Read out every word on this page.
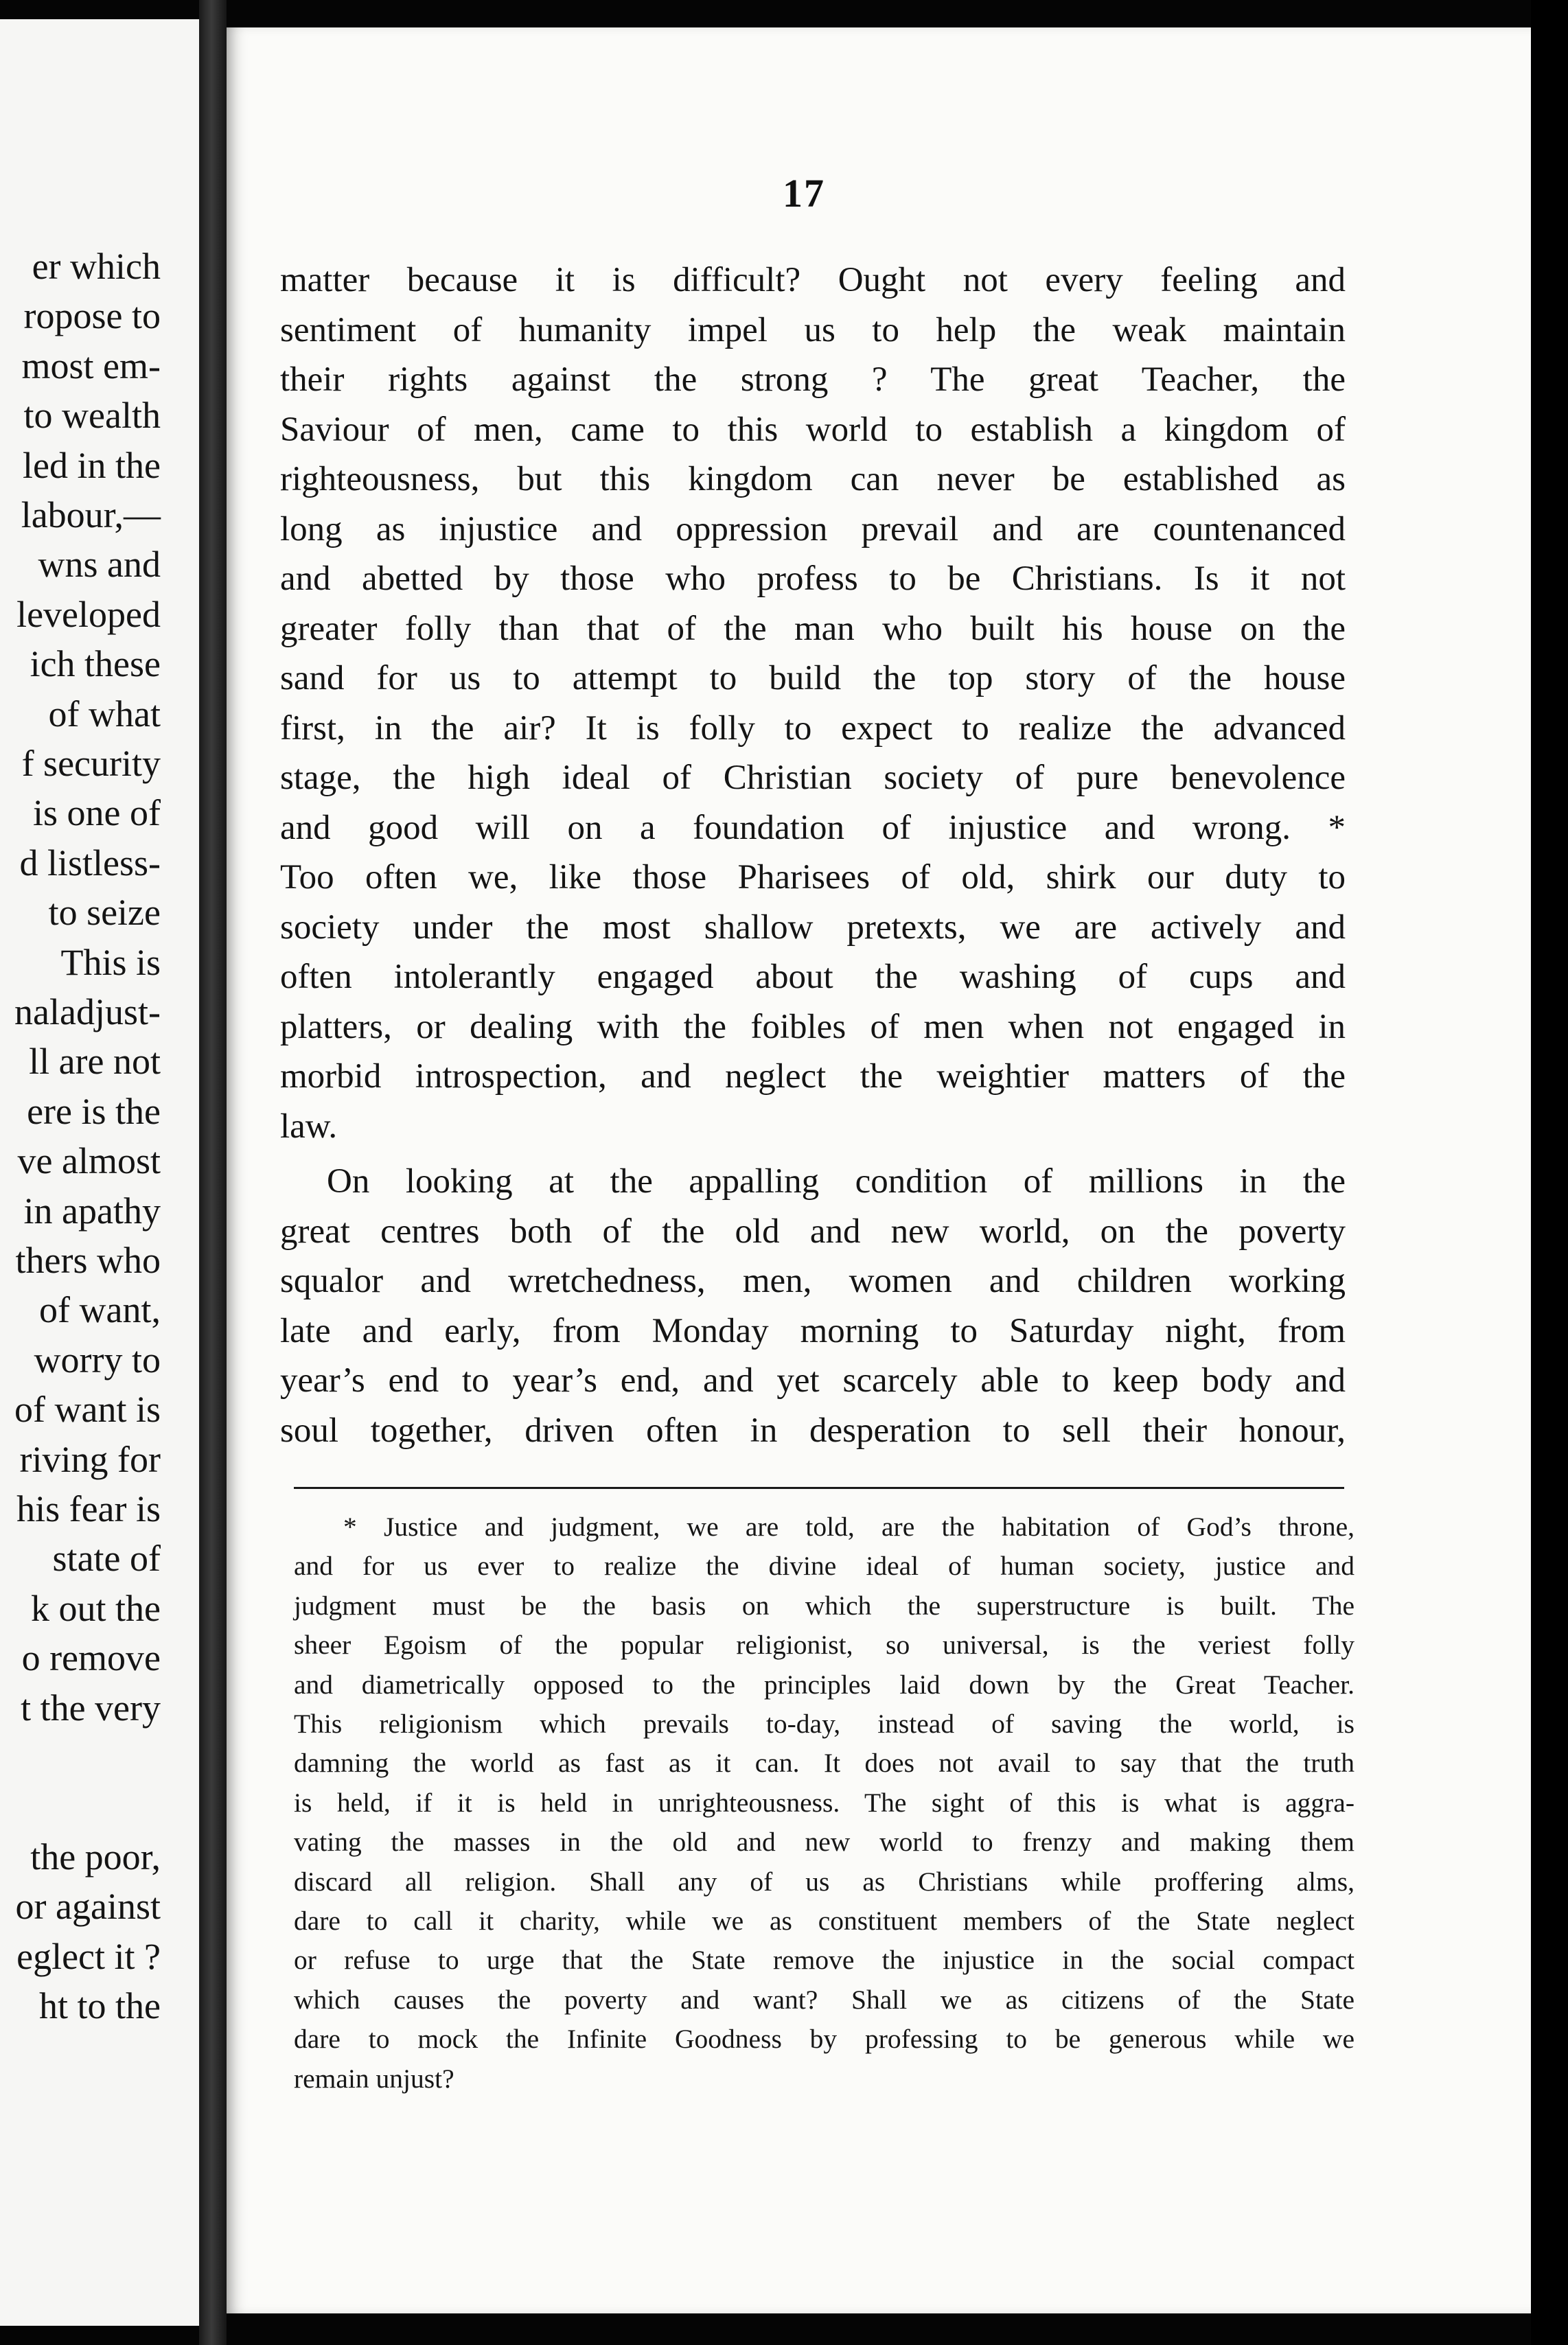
er which
ropose to
most em-
to wealth
led in the
labour,—
wns and
leveloped
ich these
of what
f security
is one of
d listless-
to seize
This is
naladjust-
ll are not
ere is the
ve almost
in apathy
thers who
of want,
worry to
of want is
riving for
his fear is
state of
k out the
o remove
t the very
the poor,
or against
eglect it ?
ht to the
17
matter because it is difficult? Ought not every feeling and
sentiment of humanity impel us to help the weak maintain
their rights against the strong ? The great Teacher, the
Saviour of men, came to this world to establish a kingdom of
righteousness, but this kingdom can never be established as
long as injustice and oppression prevail and are countenanced
and abetted by those who profess to be Christians. Is it not
greater folly than that of the man who built his house on the
sand for us to attempt to build the top story of the house
first, in the air? It is folly to expect to realize the advanced
stage, the high ideal of Christian society of pure benevolence
and good will on a foundation of injustice and wrong. *
Too often we, like those Pharisees of old, shirk our duty to
society under the most shallow pretexts, we are actively and
often intolerantly engaged about the washing of cups and
platters, or dealing with the foibles of men when not engaged in
morbid introspection, and neglect the weightier matters of the
law.
On looking at the appalling condition of millions in the
great centres both of the old and new world, on the poverty
squalor and wretchedness, men, women and children working
late and early, from Monday morning to Saturday night, from
year’s end to year’s end, and yet scarcely able to keep body and
soul together, driven often in desperation to sell their honour,
* Justice and judgment, we are told, are the habitation of God’s throne,
and for us ever to realize the divine ideal of human society, justice and
judgment must be the basis on which the superstructure is built. The
sheer Egoism of the popular religionist, so universal, is the veriest folly
and diametrically opposed to the principles laid down by the Great Teacher.
This religionism which prevails to-day, instead of saving the world, is
damning the world as fast as it can. It does not avail to say that the truth
is held, if it is held in unrighteousness. The sight of this is what is aggra-
vating the masses in the old and new world to frenzy and making them
discard all religion. Shall any of us as Christians while proffering alms,
dare to call it charity, while we as constituent members of the State neglect
or refuse to urge that the State remove the injustice in the social compact
which causes the poverty and want? Shall we as citizens of the State
dare to mock the Infinite Goodness by professing to be generous while we
remain unjust?
